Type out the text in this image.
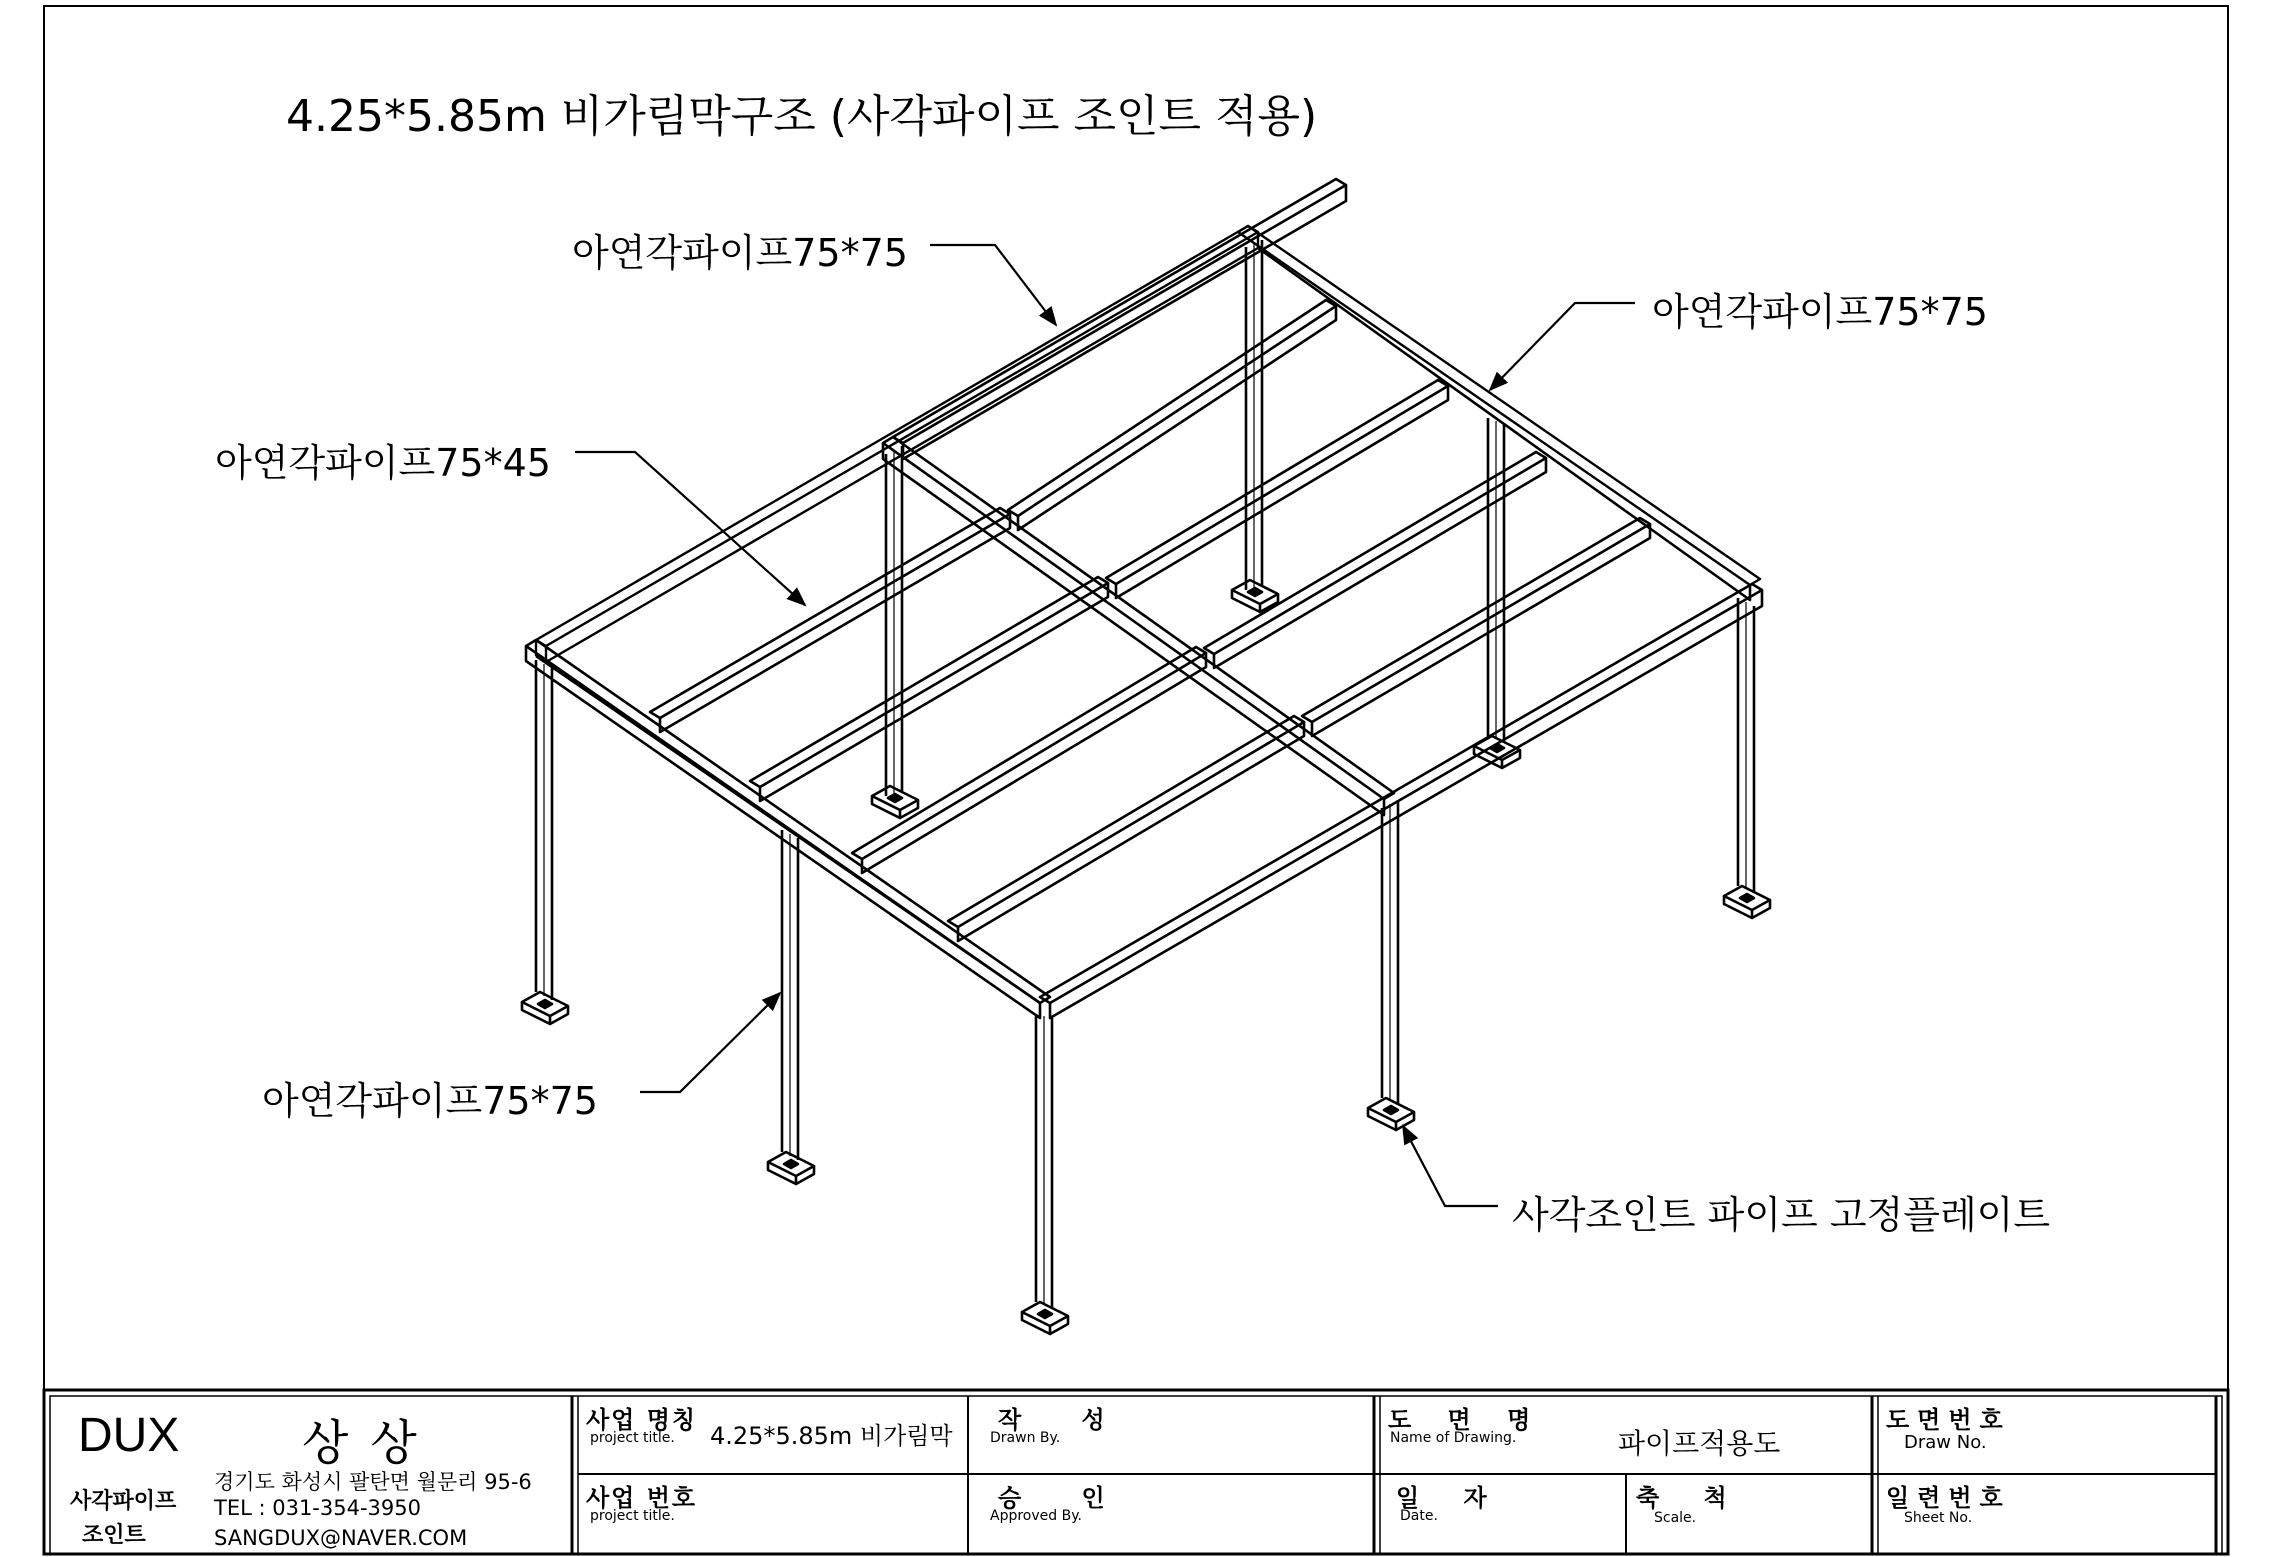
4.25*5.85m 비가림막구조 (사각파이프 조인트 적용)
아연각파이프75*75
아연각파이프75*75
아연각파이프75*45
아연각파이프75*75
사각조인트 파이프 고정플레이트
DUX	상상
사각파이프
조인트
경기도 화성시 팔탄면 월문리 95-6
TEL : 031-354-3950
SANGDUX@NAVER.COM
사업 명칭
project title. 4.25*5.85m 비가림막
사업 번호
project title.
작 성
Drawn By.
승 인
Approved By.
도 면 명
Name of Drawing.	파이프적용도
일 자
Date.
축 척
Scale.
도면번호
Draw No.
일련번호
Sheet No.
